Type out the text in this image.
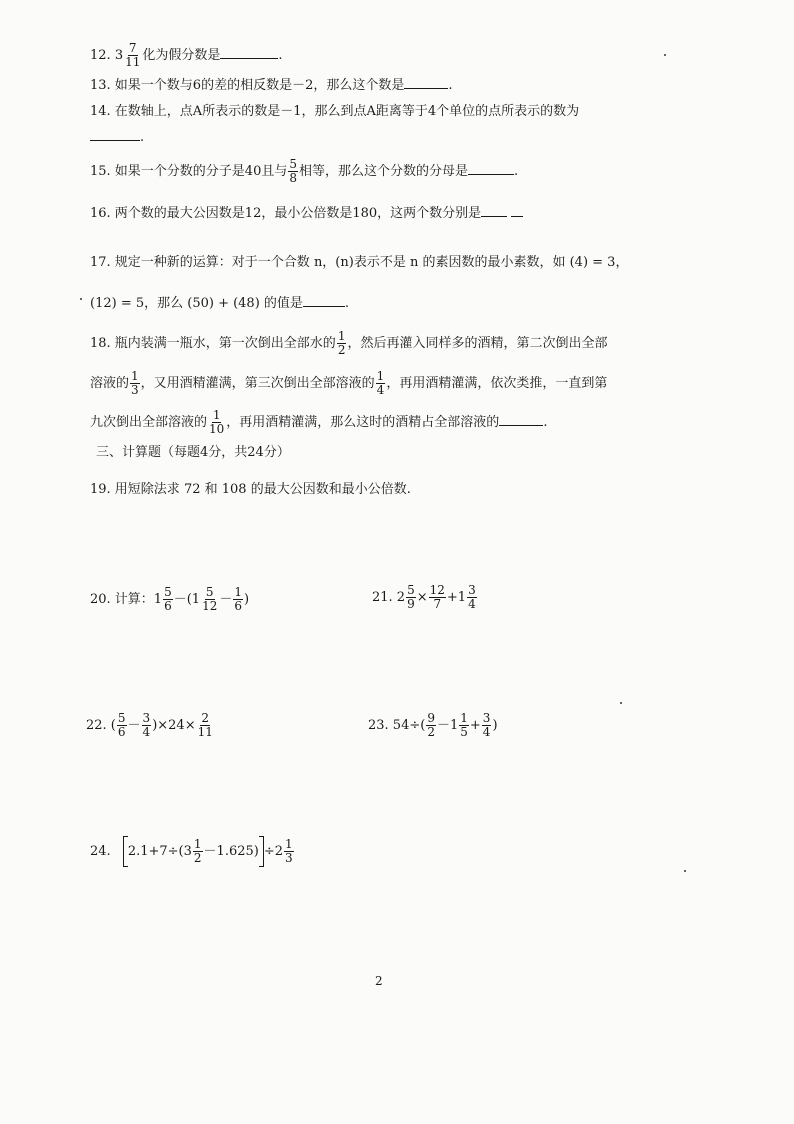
12. $3 \frac{7}{11}$ 化为假分数是	.
13. 如果一个数与6的差的相反数是－2，那么这个数是	.
14. 在数轴上，点A所表示的数是－1，那么到点A距离等于4个单位的点所表示的数为
.
15. 如果一个分数的分子是40且与 $\frac{5}{8}$ 相等，那么这个分数的分母是	.
16. 两个数的最大公因数是12，最小公倍数是180，这两个数分别是
17. 规定一种新的运算：对于一个合数 n，(n)表示不是 n 的素因数的最小素数，如 (4) = 3，
(12) = 5，那么 (50) + (48) 的值是	.
18. 瓶内装满一瓶水，第一次倒出全部水的 $\frac{1}{2}$ ，然后再灌入同样多的酒精，第二次倒出全部
溶液的 $\frac{1}{3}$ ，又用酒精灌满，第三次倒出全部溶液的 $\frac{1}{4}$ ，再用酒精灌满，依次类推，一直到第
九次倒出全部溶液的 $\frac{1}{10}$ ，再用酒精灌满，那么这时的酒精占全部溶液的	.
三、计算题（每题4分，共24分）
19. 用短除法求 72 和 108 的最大公因数和最小公倍数.
20. 计算：$1 \frac{5}{6} -(1 \frac{5}{12} - \frac{1}{6}$ )	21. $2 \frac{5}{9} \times \frac{12}{7} +1 \frac{3}{4}$
22. ( $\frac{5}{6} - \frac{3}{4} )\times 24\times \frac{2}{11}$	23. $54\div( \frac{9}{2} -1 \frac{1}{5} + \frac{3}{4}$ )
24. $2.1+7\div(3 \frac{1}{2} -1.625) \div 2 \frac{1}{3}$
2
